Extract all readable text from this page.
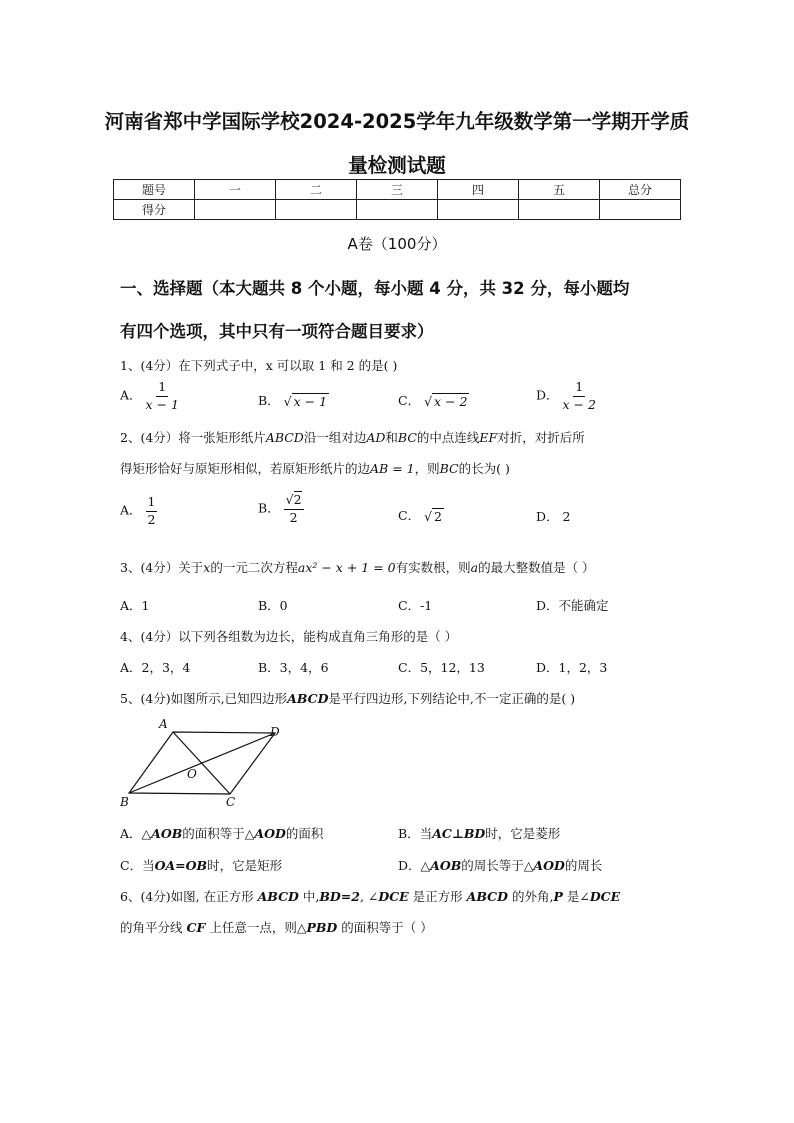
河南省郑中学国际学校2024-2025学年九年级数学第一学期开学质
量检测试题
题号	一	二	三	四	五	总分
得分						
A卷（100分）
一、选择题（本大题共 8 个小题，每小题 4 分，共 32 分，每小题均
有四个选项，其中只有一项符合题目要求）
1、(4分）在下列式子中，x 可以取 1 和 2 的是( )
A． $\frac{1}{x - 1}$	B． √ x − 1	C． √ x − 2	D． $\frac{1}{x - 2}$
2、(4分）将一张矩形纸片ABCD沿一组对边AD和BC的中点连线EF对折，对折后所
得矩形恰好与原矩形相似，若原矩形纸片的边AB = 1，则BC的长为( )
A． $\frac{1}{2}$	B． $\frac{√2}{2}$	C． √ 2	D． 2
3、(4分）关于x的一元二次方程ax² − x + 1 = 0有实数根，则a的最大整数值是（ ）
A．1	B．0	C．-1	D．不能确定
4、(4分）以下列各组数为边长，能构成直角三角形的是（ ）
A．2，3，4	B．3，4，6	C．5，12，13	D．1，2，3
5、(4分)如图所示,已知四边形ABCD是平行四边形,下列结论中,不一定正确的是( )
A
D
B	C
O
A．△AOB的面积等于△AOD的面积	B．当AC⊥BD时，它是菱形
C．当OA=OB时，它是矩形	D．△AOB的周长等于△AOD的周长
6、(4分)如图, 在正方形 ABCD 中,BD=2, ∠DCE 是正方形 ABCD 的外角,P 是∠DCE
的角平分线 CF 上任意一点，则△PBD 的面积等于（ ）
